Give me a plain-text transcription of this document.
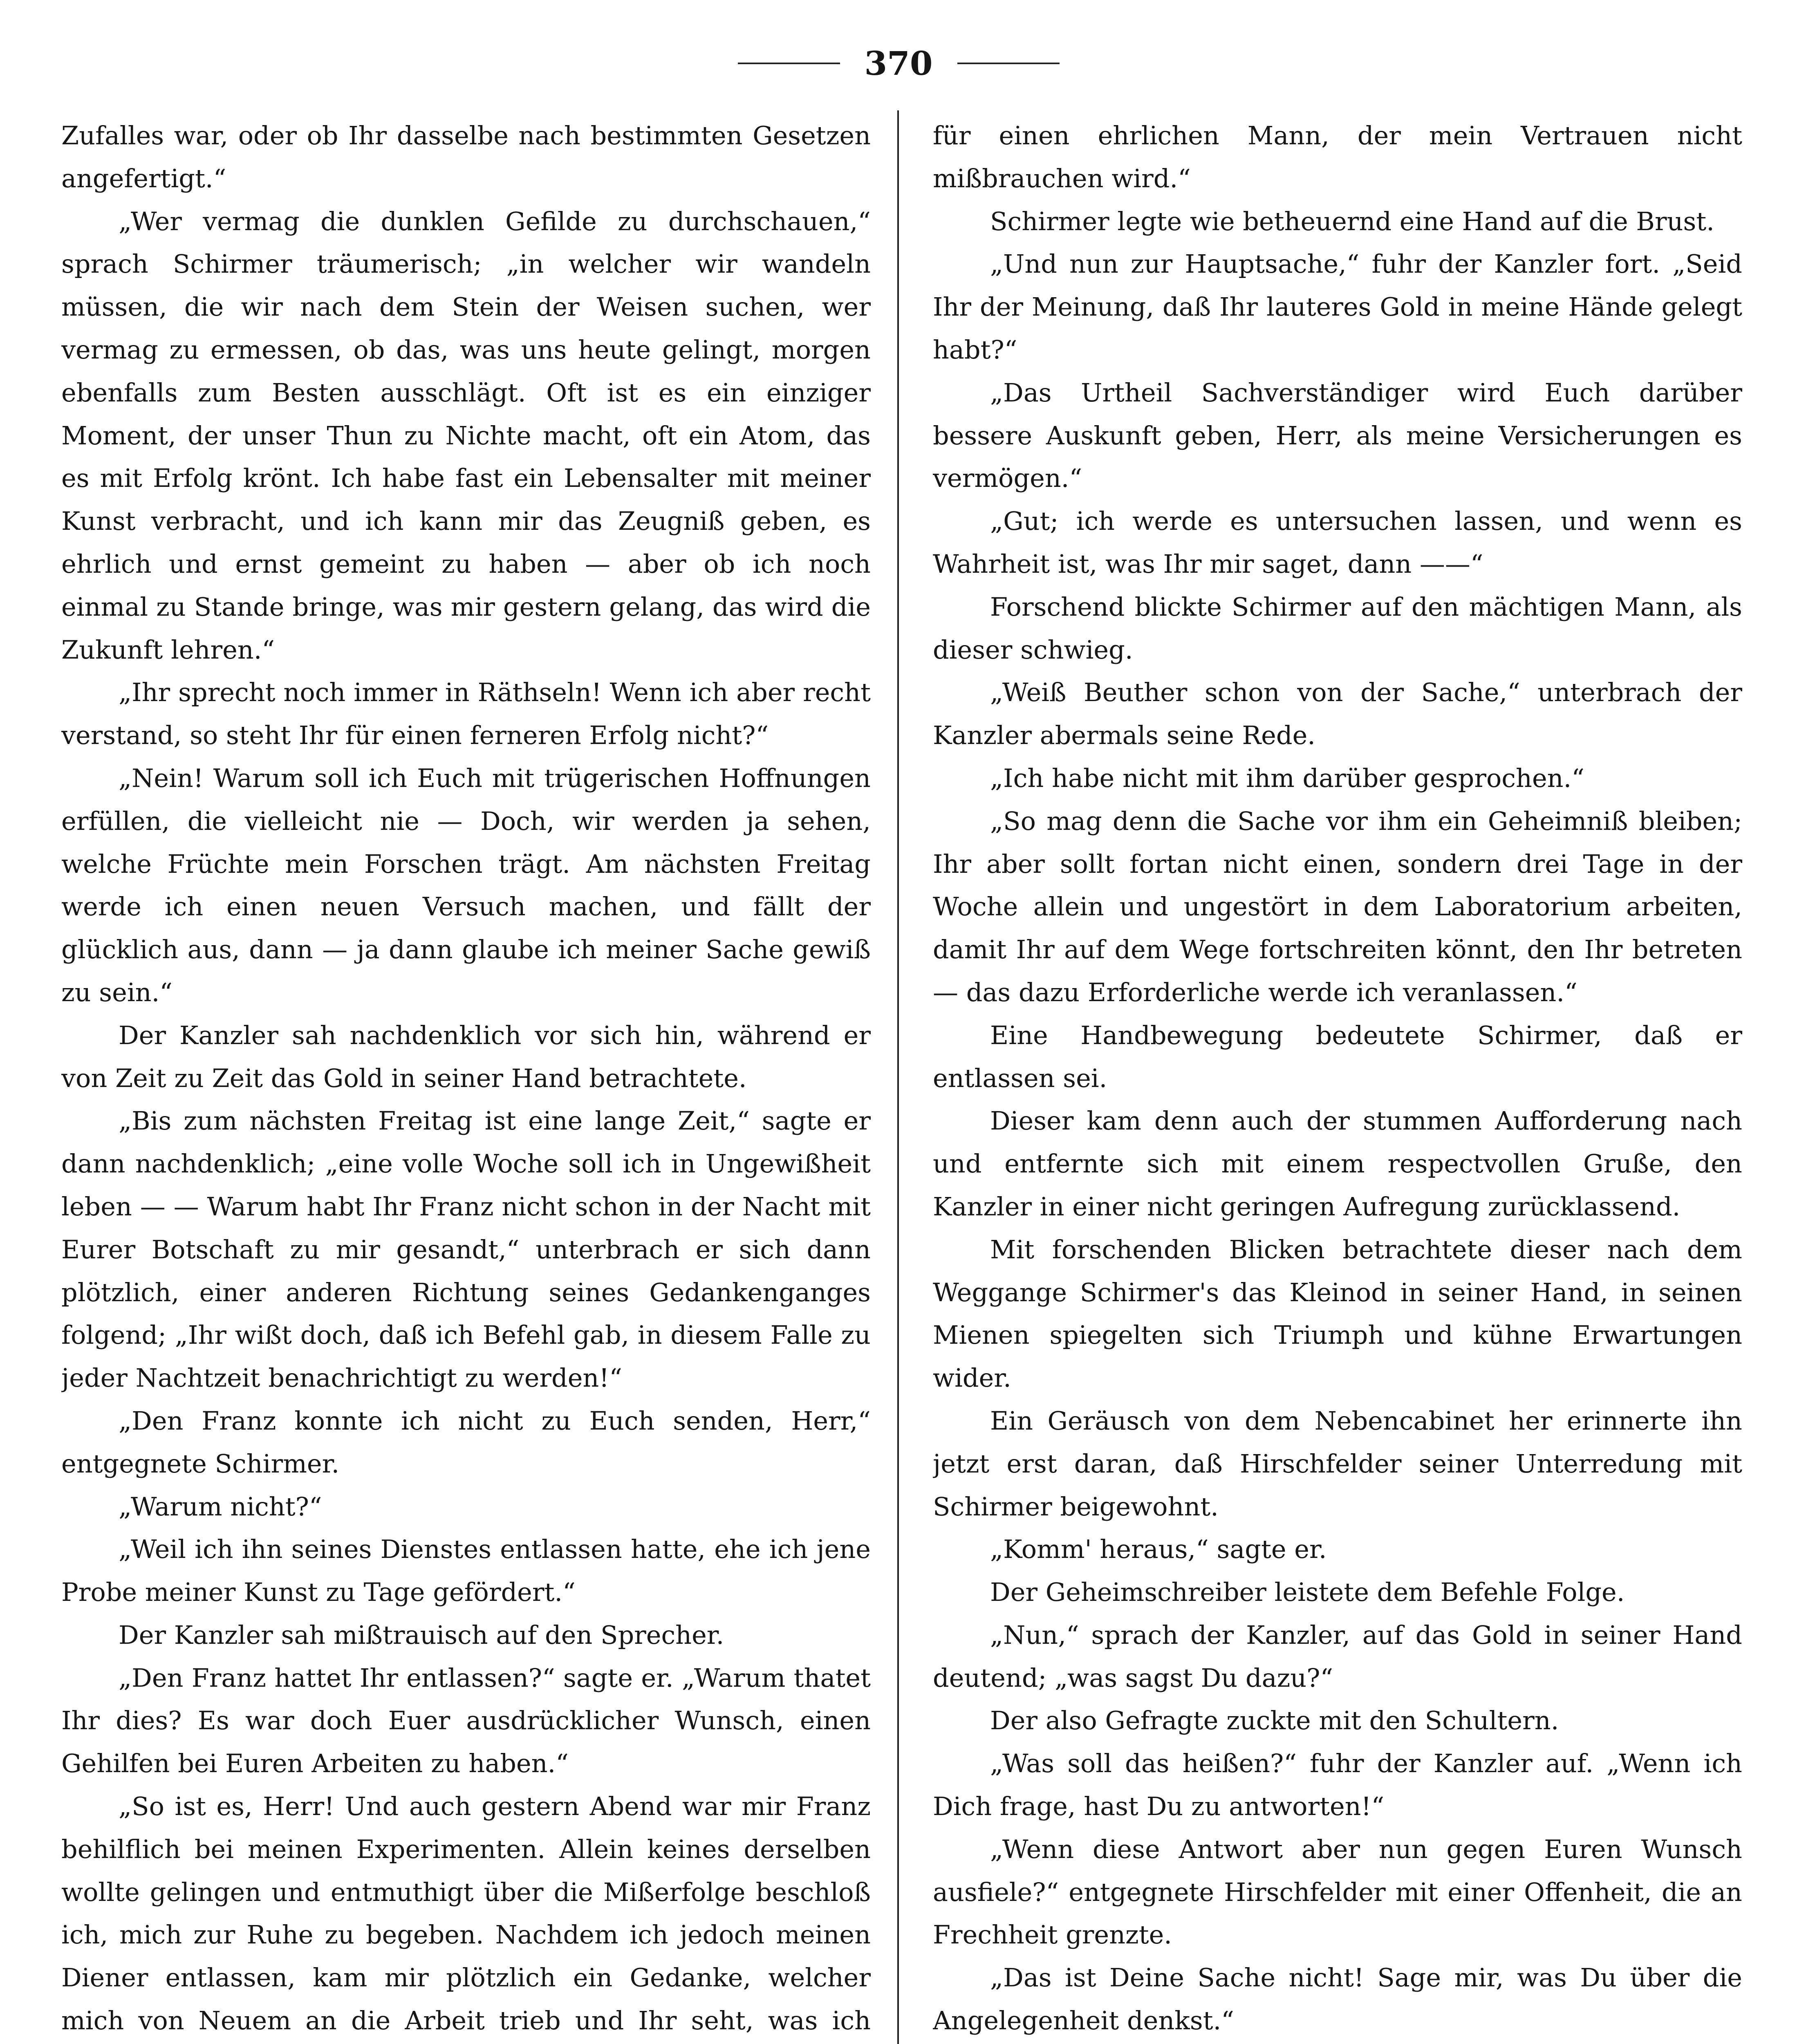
370

Zufalles war, oder ob Ihr dasselbe nach bestimmten Gesetzen angefertigt.“

„Wer vermag die dunklen Gefilde zu durchschauen,“ sprach Schirmer träumerisch; „in welcher wir wandeln müssen, die wir nach dem Stein der Weisen suchen, wer vermag zu ermessen, ob das, was uns heute gelingt, morgen ebenfalls zum Besten ausschlägt. Oft ist es ein einziger Moment, der unser Thun zu Nichte macht, oft ein Atom, das es mit Erfolg krönt. Ich habe fast ein Lebensalter mit meiner Kunst verbracht, und ich kann mir das Zeugniß geben, es ehrlich und ernst gemeint zu haben — aber ob ich noch einmal zu Stande bringe, was mir gestern gelang, das wird die Zukunft lehren.“

„Ihr sprecht noch immer in Räthseln! Wenn ich aber recht verstand, so steht Ihr für einen ferneren Erfolg nicht?“

„Nein! Warum soll ich Euch mit trügerischen Hoffnungen erfüllen, die vielleicht nie — Doch, wir werden ja sehen, welche Früchte mein Forschen trägt. Am nächsten Freitag werde ich einen neuen Versuch machen, und fällt der glücklich aus, dann — ja dann glaube ich meiner Sache gewiß zu sein.“

Der Kanzler sah nachdenklich vor sich hin, während er von Zeit zu Zeit das Gold in seiner Hand betrachtete.

„Bis zum nächsten Freitag ist eine lange Zeit,“ sagte er dann nachdenklich; „eine volle Woche soll ich in Ungewißheit leben — — Warum habt Ihr Franz nicht schon in der Nacht mit Eurer Botschaft zu mir gesandt,“ unterbrach er sich dann plötzlich, einer anderen Richtung seines Gedankenganges folgend; „Ihr wißt doch, daß ich Befehl gab, in diesem Falle zu jeder Nachtzeit benachrichtigt zu werden!“

„Den Franz konnte ich nicht zu Euch senden, Herr,“ entgegnete Schirmer.

„Warum nicht?“

„Weil ich ihn seines Dienstes entlassen hatte, ehe ich jene Probe meiner Kunst zu Tage gefördert.“

Der Kanzler sah mißtrauisch auf den Sprecher.

„Den Franz hattet Ihr entlassen?“ sagte er. „Warum thatet Ihr dies? Es war doch Euer ausdrücklicher Wunsch, einen Gehilfen bei Euren Arbeiten zu haben.“

„So ist es, Herr! Und auch gestern Abend war mir Franz behilflich bei meinen Experimenten. Allein keines derselben wollte gelingen und entmuthigt über die Mißerfolge beschloß ich, mich zur Ruhe zu begeben. Nachdem ich jedoch meinen Diener entlassen, kam mir plötzlich ein Gedanke, welcher mich von Neuem an die Arbeit trieb und Ihr seht, was ich

für einen ehrlichen Mann, der mein Vertrauen nicht mißbrauchen wird.“

Schirmer legte wie betheuernd eine Hand auf die Brust.

„Und nun zur Hauptsache,“ fuhr der Kanzler fort. „Seid Ihr der Meinung, daß Ihr lauteres Gold in meine Hände gelegt habt?“

„Das Urtheil Sachverständiger wird Euch darüber bessere Auskunft geben, Herr, als meine Versicherungen es vermögen.“

„Gut; ich werde es untersuchen lassen, und wenn es Wahrheit ist, was Ihr mir saget, dann ——“

Forschend blickte Schirmer auf den mächtigen Mann, als dieser schwieg.

„Weiß Beuther schon von der Sache,“ unterbrach der Kanzler abermals seine Rede.

„Ich habe nicht mit ihm darüber gesprochen.“

„So mag denn die Sache vor ihm ein Geheimniß bleiben; Ihr aber sollt fortan nicht einen, sondern drei Tage in der Woche allein und ungestört in dem Laboratorium arbeiten, damit Ihr auf dem Wege fortschreiten könnt, den Ihr betreten — das dazu Erforderliche werde ich veranlassen.“

Eine Handbewegung bedeutete Schirmer, daß er entlassen sei.

Dieser kam denn auch der stummen Aufforderung nach und entfernte sich mit einem respectvollen Gruße, den Kanzler in einer nicht geringen Aufregung zurücklassend.

Mit forschenden Blicken betrachtete dieser nach dem Weggange Schirmer's das Kleinod in seiner Hand, in seinen Mienen spiegelten sich Triumph und kühne Erwartungen wider.

Ein Geräusch von dem Nebencabinet her erinnerte ihn jetzt erst daran, daß Hirschfelder seiner Unterredung mit Schirmer beigewohnt.

„Komm' heraus,“ sagte er.

Der Geheimschreiber leistete dem Befehle Folge.

„Nun,“ sprach der Kanzler, auf das Gold in seiner Hand deutend; „was sagst Du dazu?“

Der also Gefragte zuckte mit den Schultern.

„Was soll das heißen?“ fuhr der Kanzler auf. „Wenn ich Dich frage, hast Du zu antworten!“

„Wenn diese Antwort aber nun gegen Euren Wunsch ausfiele?“ entgegnete Hirschfelder mit einer Offenheit, die an Frechheit grenzte.

„Das ist Deine Sache nicht! Sage mir, was Du über die Angelegenheit denkst.“
